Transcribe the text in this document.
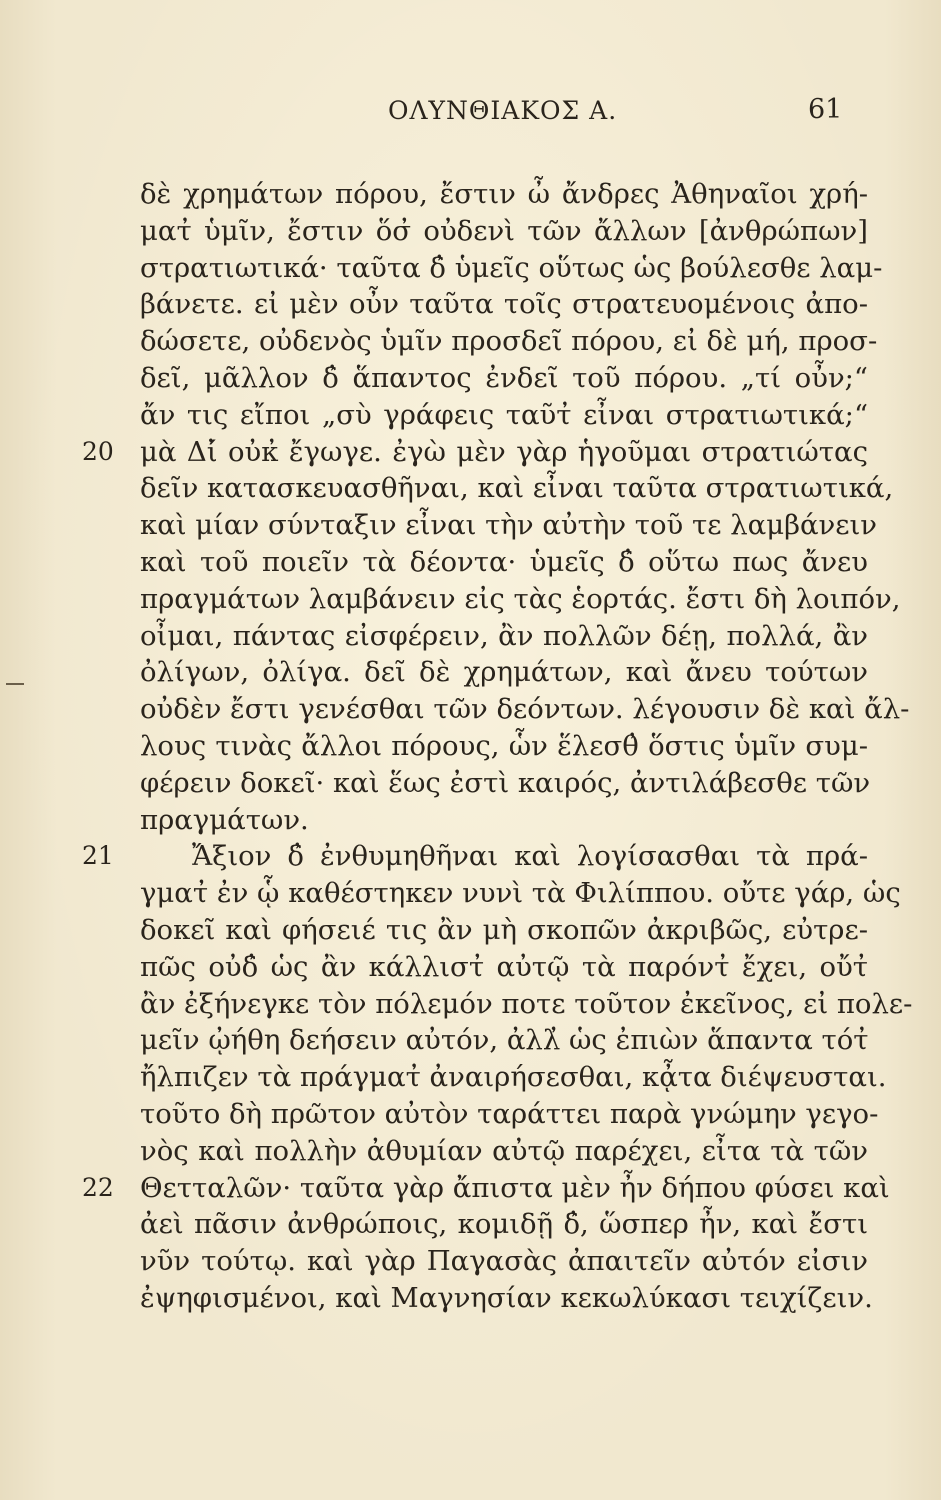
ΟΛΥΝΘΙΑΚΟΣ Α.	61
δὲ χρημάτων πόρου, ἔστιν ὦ ἄνδρες Ἀθηναῖοι χρή-
ματ̓ ὑμῖν, ἔστιν ὅσ̓ οὐδενὶ τῶν ἄλλων [ἀνθρώπων]
στρατιωτικά· ταῦτα δ̓ ὑμεῖς οὕτως ὡς βούλεσθε λαμ-
βάνετε. εἰ μὲν οὖν ταῦτα τοῖς στρατευομένοις ἀπο-
δώσετε, οὐδενὸς ὑμῖν προσδεῖ πόρου, εἰ δὲ μή, προσ-
δεῖ, μᾶλλον δ̓ ἅπαντος ἐνδεῖ τοῦ πόρου. „τί οὖν;“
ἄν τις εἴποι „σὺ γράφεις ταῦτ̓ εἶναι στρατιωτικά;“
20 μὰ Δί̓ οὐκ̓ ἔγωγε. ἐγὼ μὲν γὰρ ἡγοῦμαι στρατιώτας
δεῖν κατασκευασθῆναι, καὶ εἶναι ταῦτα στρατιωτικά,
καὶ μίαν σύνταξιν εἶναι τὴν αὐτὴν τοῦ τε λαμβάνειν
καὶ τοῦ ποιεῖν τὰ δέοντα· ὑμεῖς δ̓ οὕτω πως ἄνευ
πραγμάτων λαμβάνειν εἰς τὰς ἑορτάς. ἔστι δὴ λοιπόν,
οἶμαι, πάντας εἰσφέρειν, ἂν πολλῶν δέῃ, πολλά, ἂν
ὀλίγων, ὀλίγα. δεῖ δὲ χρημάτων, καὶ ἄνευ τούτων
οὐδὲν ἔστι γενέσθαι τῶν δεόντων. λέγουσιν δὲ καὶ ἄλ-
λους τινὰς ἄλλοι πόρους, ὧν ἕλεσθ̓ ὅστις ὑμῖν συμ-
φέρειν δοκεῖ· καὶ ἕως ἐστὶ καιρός, ἀντιλάβεσθε τῶν
πραγμάτων.
21	Ἄξιον δ̓ ἐνθυμηθῆναι καὶ λογίσασθαι τὰ πρά-
γματ̓ ἐν ᾧ καθέστηκεν νυνὶ τὰ Φιλίππου. οὔτε γάρ, ὡς
δοκεῖ καὶ φήσειέ τις ἂν μὴ σκοπῶν ἀκριβῶς, εὐτρε-
πῶς οὐδ̓ ὡς ἂν κάλλιστ̓ αὐτῷ τὰ παρόντ̓ ἔχει, οὔτ̓
ἂν ἐξήνεγκε τὸν πόλεμόν ποτε τοῦτον ἐκεῖνος, εἰ πολε-
μεῖν ᾠήθη δεήσειν αὐτόν, ἀλλ̓ ὡς ἐπιὼν ἅπαντα τότ̓
ἤλπιζεν τὰ πράγματ̓ ἀναιρήσεσθαι, κᾆτα διέψευσται.
τοῦτο δὴ πρῶτον αὐτὸν ταράττει παρὰ γνώμην γεγο-
νὸς καὶ πολλὴν ἀθυμίαν αὐτῷ παρέχει, εἶτα τὰ τῶν
22 Θετταλῶν· ταῦτα γὰρ ἄπιστα μὲν ἦν δήπου φύσει καὶ
ἀεὶ πᾶσιν ἀνθρώποις, κομιδῇ δ̓, ὥσπερ ἦν, καὶ ἔστι
νῦν τούτῳ. καὶ γὰρ Παγασὰς ἀπαιτεῖν αὐτόν εἰσιν
ἐψηφισμένοι, καὶ Μαγνησίαν κεκωλύκασι τειχίζειν.
